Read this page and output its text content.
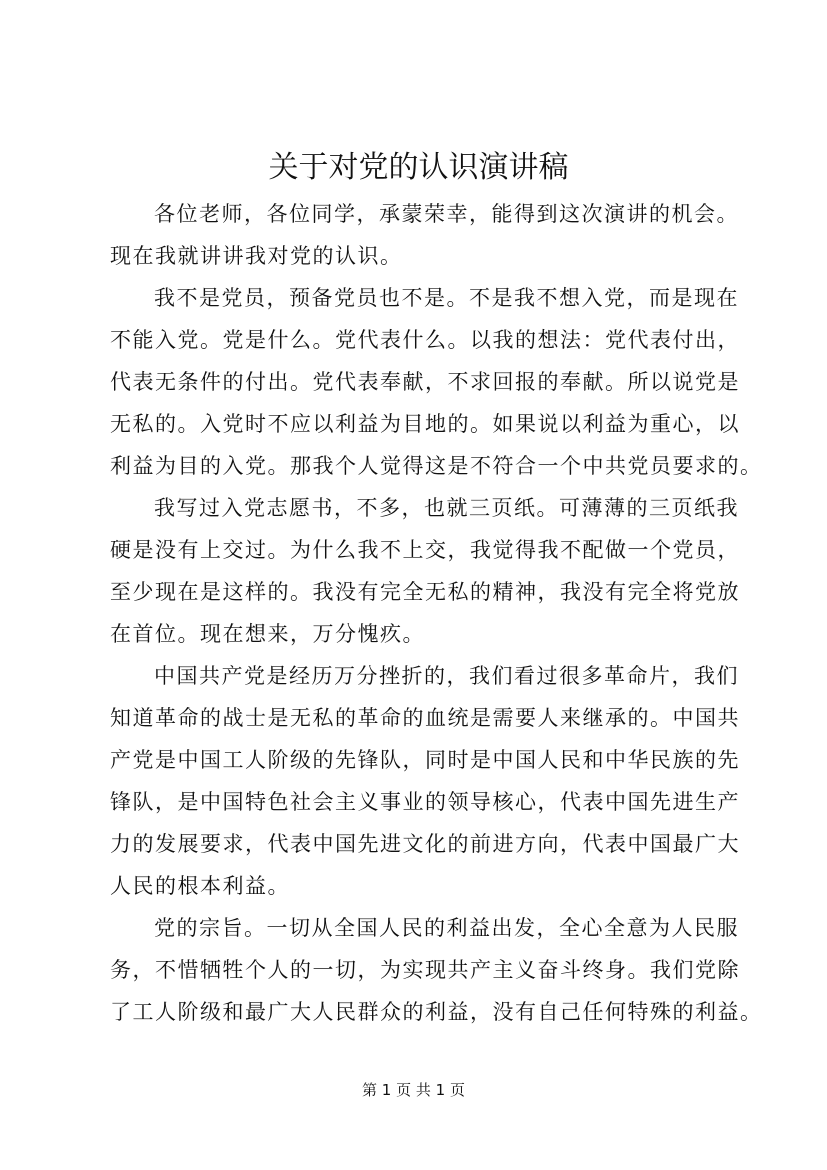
关于对党的认识演讲稿

各位老师，各位同学，承蒙荣幸，能得到这次演讲的机会。
现在我就讲讲我对党的认识。

我不是党员，预备党员也不是。不是我不想入党，而是现在
不能入党。党是什么。党代表什么。以我的想法：党代表付出，
代表无条件的付出。党代表奉献，不求回报的奉献。所以说党是
无私的。入党时不应以利益为目地的。如果说以利益为重心，以
利益为目的入党。那我个人觉得这是不符合一个中共党员要求的。

我写过入党志愿书，不多，也就三页纸。可薄薄的三页纸我
硬是没有上交过。为什么我不上交，我觉得我不配做一个党员，
至少现在是这样的。我没有完全无私的精神，我没有完全将党放
在首位。现在想来，万分愧疚。

中国共产党是经历万分挫折的，我们看过很多革命片，我们
知道革命的战士是无私的革命的血统是需要人来继承的。中国共
产党是中国工人阶级的先锋队，同时是中国人民和中华民族的先
锋队，是中国特色社会主义事业的领导核心，代表中国先进生产
力的发展要求，代表中国先进文化的前进方向，代表中国最广大
人民的根本利益。

党的宗旨。一切从全国人民的利益出发，全心全意为人民服
务，不惜牺牲个人的一切，为实现共产主义奋斗终身。我们党除
了工人阶级和最广大人民群众的利益，没有自己任何特殊的利益。

第 1 页 共 1 页
